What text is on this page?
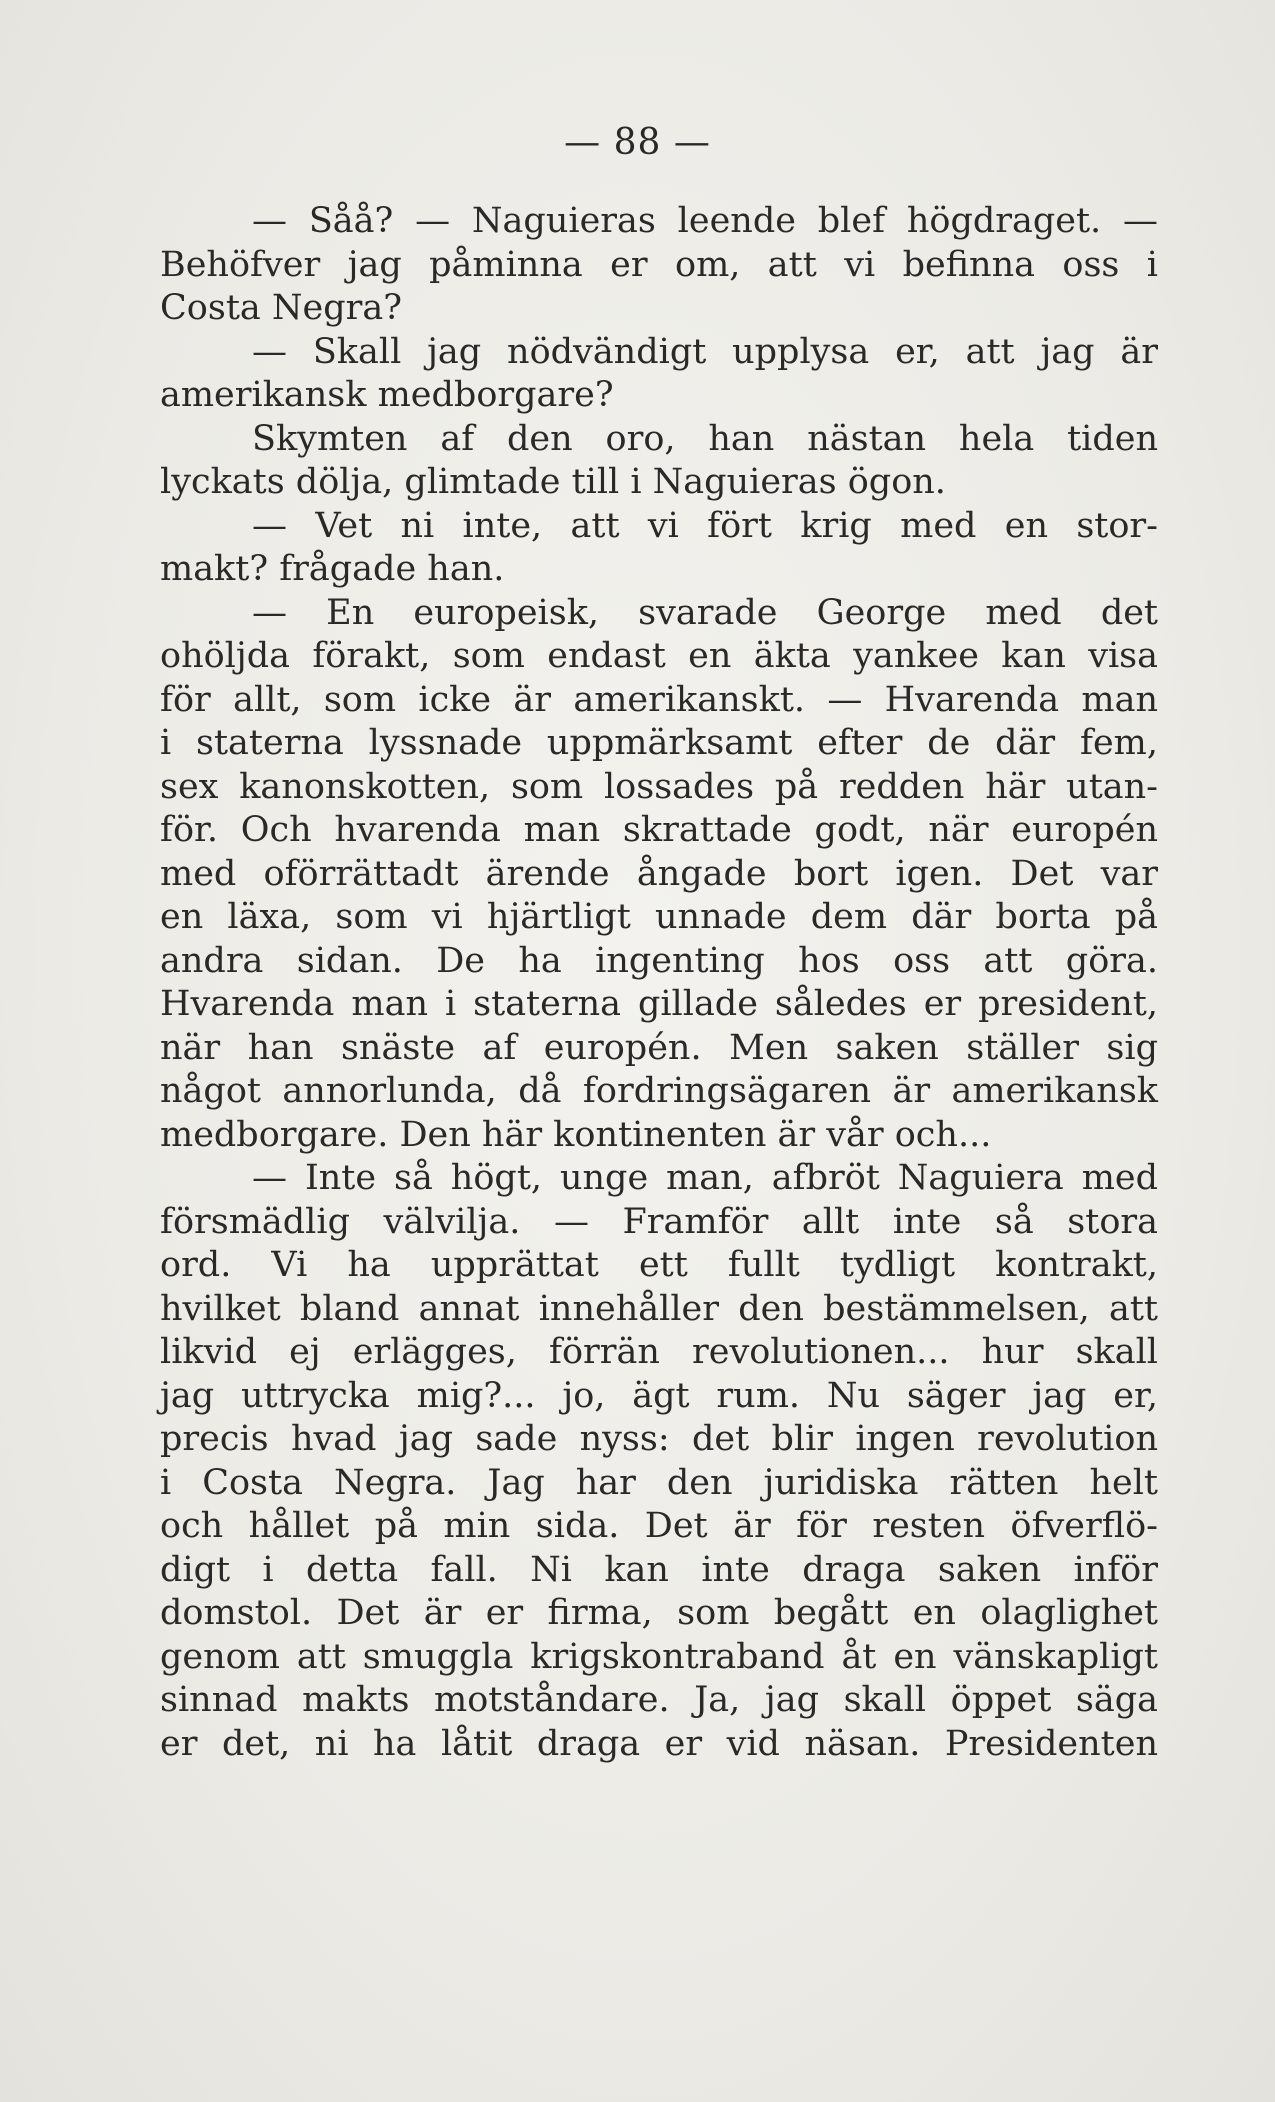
— 88 —
— Såå? — Naguieras leende blef högdraget. —
Behöfver jag påminna er om, att vi befinna oss i
Costa Negra?
— Skall jag nödvändigt upplysa er, att jag är
amerikansk medborgare?
Skymten af den oro, han nästan hela tiden
lyckats dölja, glimtade till i Naguieras ögon.
— Vet ni inte, att vi fört krig med en stor-
makt? frågade han.
— En europeisk, svarade George med det
ohöljda förakt, som endast en äkta yankee kan visa
för allt, som icke är amerikanskt. — Hvarenda man
i staterna lyssnade uppmärksamt efter de där fem,
sex kanonskotten, som lossades på redden här utan-
för. Och hvarenda man skrattade godt, när europén
med oförrättadt ärende ångade bort igen. Det var
en läxa, som vi hjärtligt unnade dem där borta på
andra sidan. De ha ingenting hos oss att göra.
Hvarenda man i staterna gillade således er president,
när han snäste af europén. Men saken ställer sig
något annorlunda, då fordringsägaren är amerikansk
medborgare. Den här kontinenten är vår och...
— Inte så högt, unge man, afbröt Naguiera med
försmädlig välvilja. — Framför allt inte så stora
ord. Vi ha upprättat ett fullt tydligt kontrakt,
hvilket bland annat innehåller den bestämmelsen, att
likvid ej erlägges, förrän revolutionen... hur skall
jag uttrycka mig?... jo, ägt rum. Nu säger jag er,
precis hvad jag sade nyss: det blir ingen revolution
i Costa Negra. Jag har den juridiska rätten helt
och hållet på min sida. Det är för resten öfverflö-
digt i detta fall. Ni kan inte draga saken inför
domstol. Det är er firma, som begått en olaglighet
genom att smuggla krigskontraband åt en vänskapligt
sinnad makts motståndare. Ja, jag skall öppet säga
er det, ni ha låtit draga er vid näsan. Presidenten
